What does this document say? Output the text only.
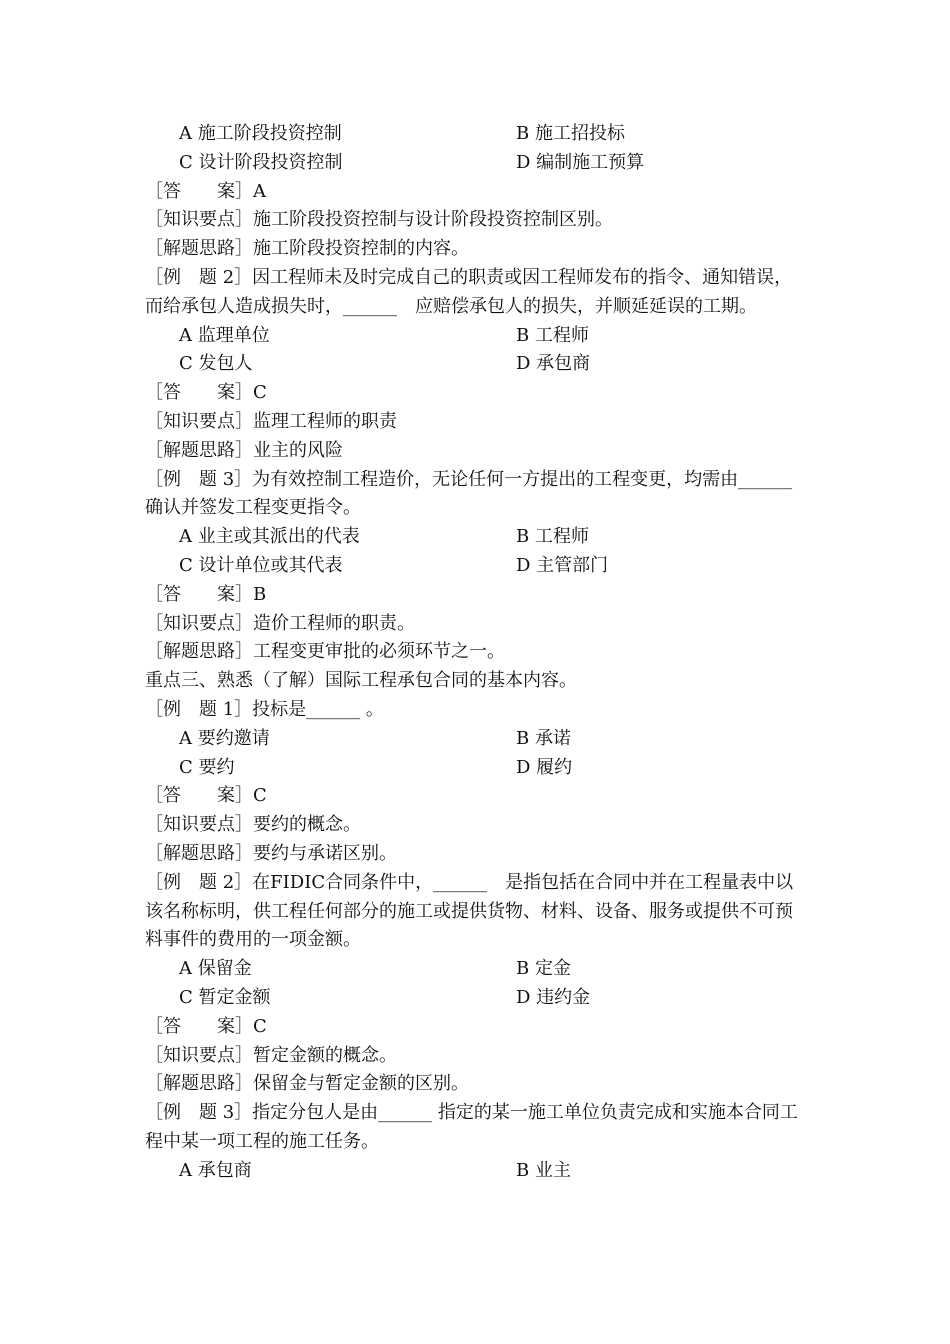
A 施工阶段投资控制	B 施工招投标
C 设计阶段投资控制	D 编制施工预算
［答　　案］A
［知识要点］施工阶段投资控制与设计阶段投资控制区别。
［解题思路］施工阶段投资控制的内容。
［例　题 2］因工程师未及时完成自己的职责或因工程师发布的指令、通知错误，而给承包人造成损失时，______　应赔偿承包人的损失，并顺延延误的工期。
A 监理单位	B 工程师
C 发包人	D 承包商
［答　　案］C
［知识要点］监理工程师的职责
［解题思路］业主的风险
［例　题 3］为有效控制工程造价，无论任何一方提出的工程变更，均需由______ 确认并签发工程变更指令。
A 业主或其派出的代表	B 工程师
C 设计单位或其代表	D 主管部门
［答　　案］B
［知识要点］造价工程师的职责。
［解题思路］工程变更审批的必须环节之一。
重点三、熟悉（了解）国际工程承包合同的基本内容。
［例　题 1］投标是______ 。
A 要约邀请	B 承诺
C 要约	D 履约
［答　　案］C
［知识要点］要约的概念。
［解题思路］要约与承诺区别。
［例　题 2］在FIDIC合同条件中，______　是指包括在合同中并在工程量表中以该名称标明，供工程任何部分的施工或提供货物、材料、设备、服务或提供不可预料事件的费用的一项金额。
A 保留金	B 定金
C 暂定金额	D 违约金
［答　　案］C
［知识要点］暂定金额的概念。
［解题思路］保留金与暂定金额的区别。
［例　题 3］指定分包人是由______ 指定的某一施工单位负责完成和实施本合同工程中某一项工程的施工任务。
A 承包商	B 业主
